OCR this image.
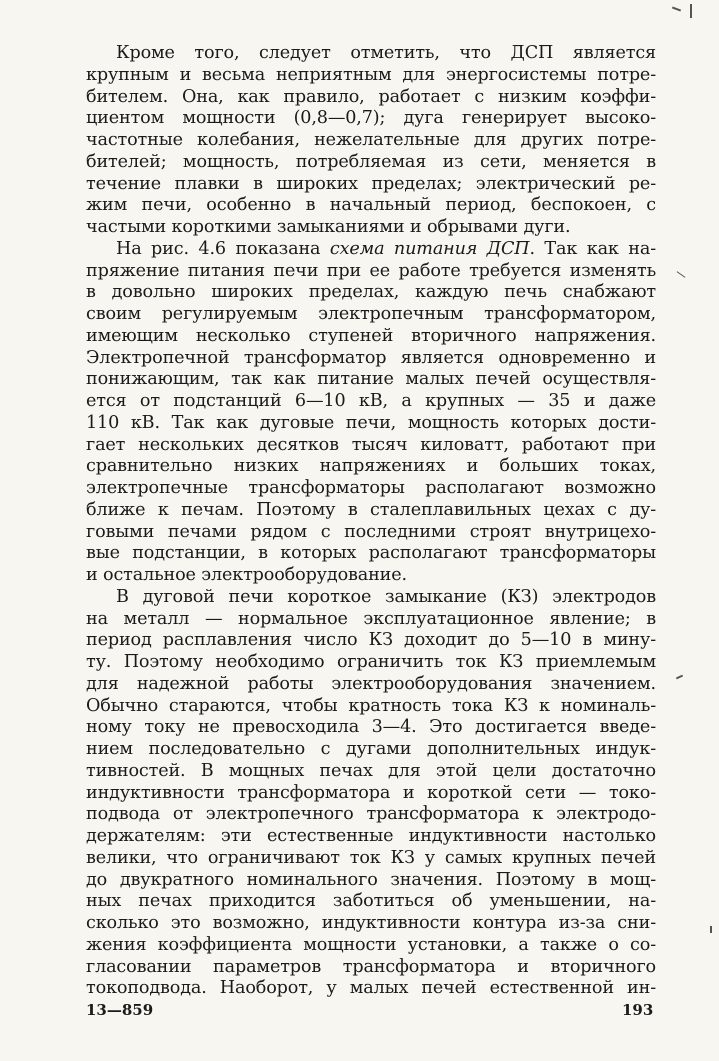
Кроме того, следует отметить, что ДСП является
крупным и весьма неприятным для энергосистемы потре-
бителем. Она, как правило, работает с низким коэффи-
циентом мощности (0,8—0,7); дуга генерирует высоко-
частотные колебания, нежелательные для других потре-
бителей; мощность, потребляемая из сети, меняется в
течение плавки в широких пределах; электрический ре-
жим печи, особенно в начальный период, беспокоен, с
частыми короткими замыканиями и обрывами дуги.
На рис. 4.6 показана схема питания ДСП. Так как на-
пряжение питания печи при ее работе требуется изменять
в довольно широких пределах, каждую печь снабжают
своим регулируемым электропечным трансформатором,
имеющим несколько ступеней вторичного напряжения.
Электропечной трансформатор является одновременно и
понижающим, так как питание малых печей осуществля-
ется от подстанций 6—10 кВ, а крупных — 35 и даже
110 кВ. Так как дуговые печи, мощность которых дости-
гает нескольких десятков тысяч киловатт, работают при
сравнительно низких напряжениях и больших токах,
электропечные трансформаторы располагают возможно
ближе к печам. Поэтому в сталеплавильных цехах с ду-
говыми печами рядом с последними строят внутрицехо-
вые подстанции, в которых располагают трансформаторы
и остальное электрооборудование.
В дуговой печи короткое замыкание (КЗ) электродов
на металл — нормальное эксплуатационное явление; в
период расплавления число КЗ доходит до 5—10 в мину-
ту. Поэтому необходимо ограничить ток КЗ приемлемым
для надежной работы электрооборудования значением.
Обычно стараются, чтобы кратность тока КЗ к номиналь-
ному току не превосходила 3—4. Это достигается введе-
нием последовательно с дугами дополнительных индук-
тивностей. В мощных печах для этой цели достаточно
индуктивности трансформатора и короткой сети — токо-
подвода от электропечного трансформатора к электродо-
держателям: эти естественные индуктивности настолько
велики, что ограничивают ток КЗ у самых крупных печей
до двукратного номинального значения. Поэтому в мощ-
ных печах приходится заботиться об уменьшении, на-
сколько это возможно, индуктивности контура из-за сни-
жения коэффициента мощности установки, а также о со-
гласовании параметров трансформатора и вторичного
токоподвода. Наоборот, у малых печей естественной ин-
13—859	193
